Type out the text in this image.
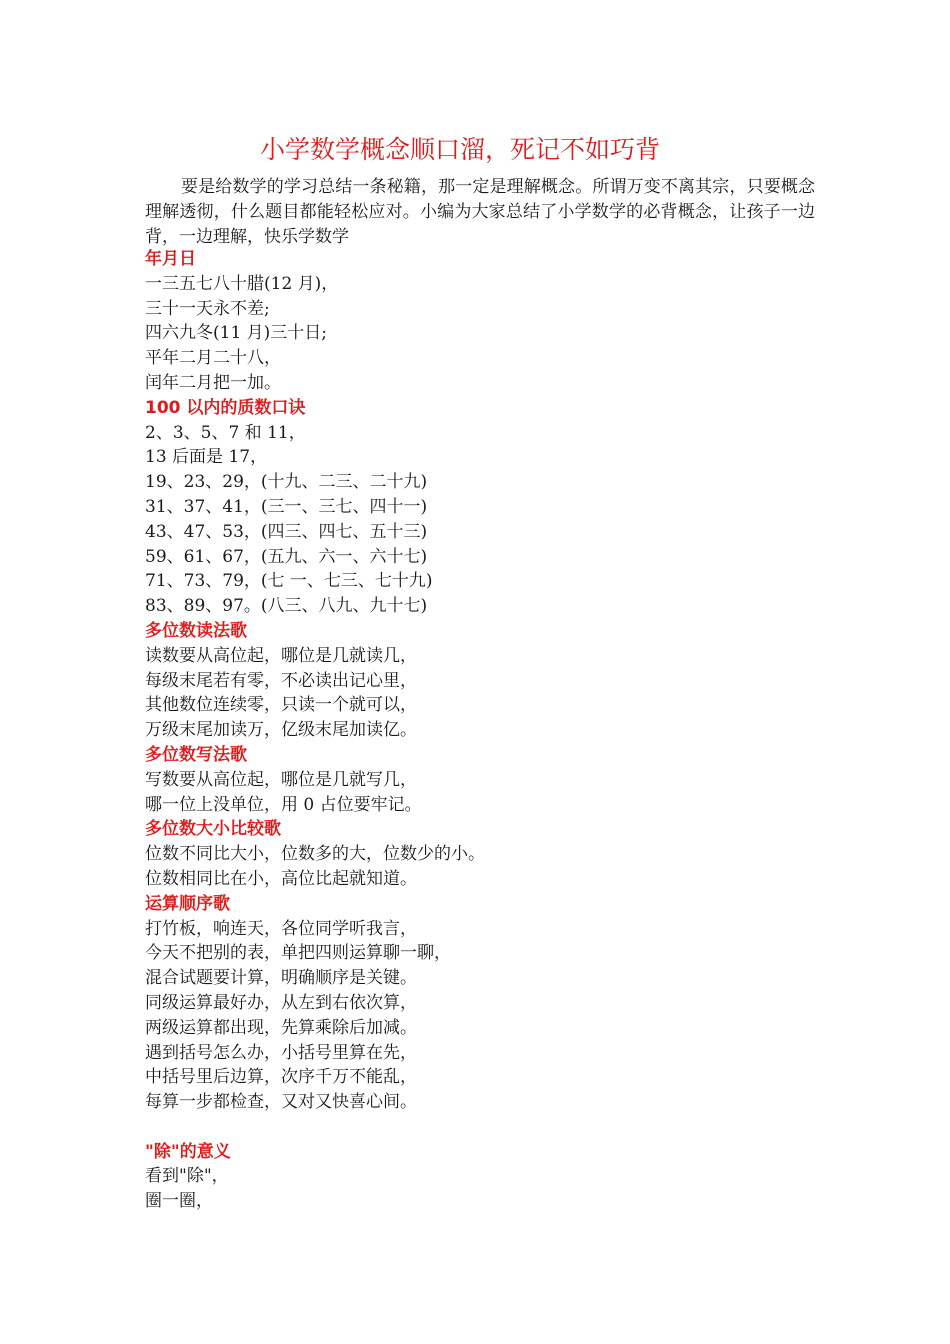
小学数学概念顺口溜，死记不如巧背
要是给数学的学习总结一条秘籍，那一定是理解概念。所谓万变不离其宗，只要概念理解透彻，什么题目都能轻松应对。小编为大家总结了小学数学的必背概念，让孩子一边背，一边理解，快乐学数学
年月日
一三五七八十腊(12 月)，
三十一天永不差;
四六九冬(11 月)三十日;
平年二月二十八，
闰年二月把一加。
100 以内的质数口诀
2、3、5、7 和 11，
13 后面是 17，
19、23、29，(十九、二三、二十九)
31、37、41，(三一、三七、四十一)
43、47、53，(四三、四七、五十三)
59、61、67，(五九、六一、六十七)
71、73、79，(七 一、七三、七十九)
83、89、97。(八三、八九、九十七)
多位数读法歌
读数要从高位起，哪位是几就读几，
每级末尾若有零，不必读出记心里，
其他数位连续零，只读一个就可以，
万级末尾加读万，亿级末尾加读亿。
多位数写法歌
写数要从高位起，哪位是几就写几，
哪一位上没单位，用 0 占位要牢记。
多位数大小比较歌
位数不同比大小，位数多的大，位数少的小。
位数相同比在小，高位比起就知道。
运算顺序歌
打竹板，响连天，各位同学听我言，
今天不把别的表，单把四则运算聊一聊，
混合试题要计算，明确顺序是关键。
同级运算最好办，从左到右依次算，
两级运算都出现，先算乘除后加减。
遇到括号怎么办，小括号里算在先，
中括号里后边算，次序千万不能乱，
每算一步都检查，又对又快喜心间。
"除"的意义
看到"除"，
圈一圈，
